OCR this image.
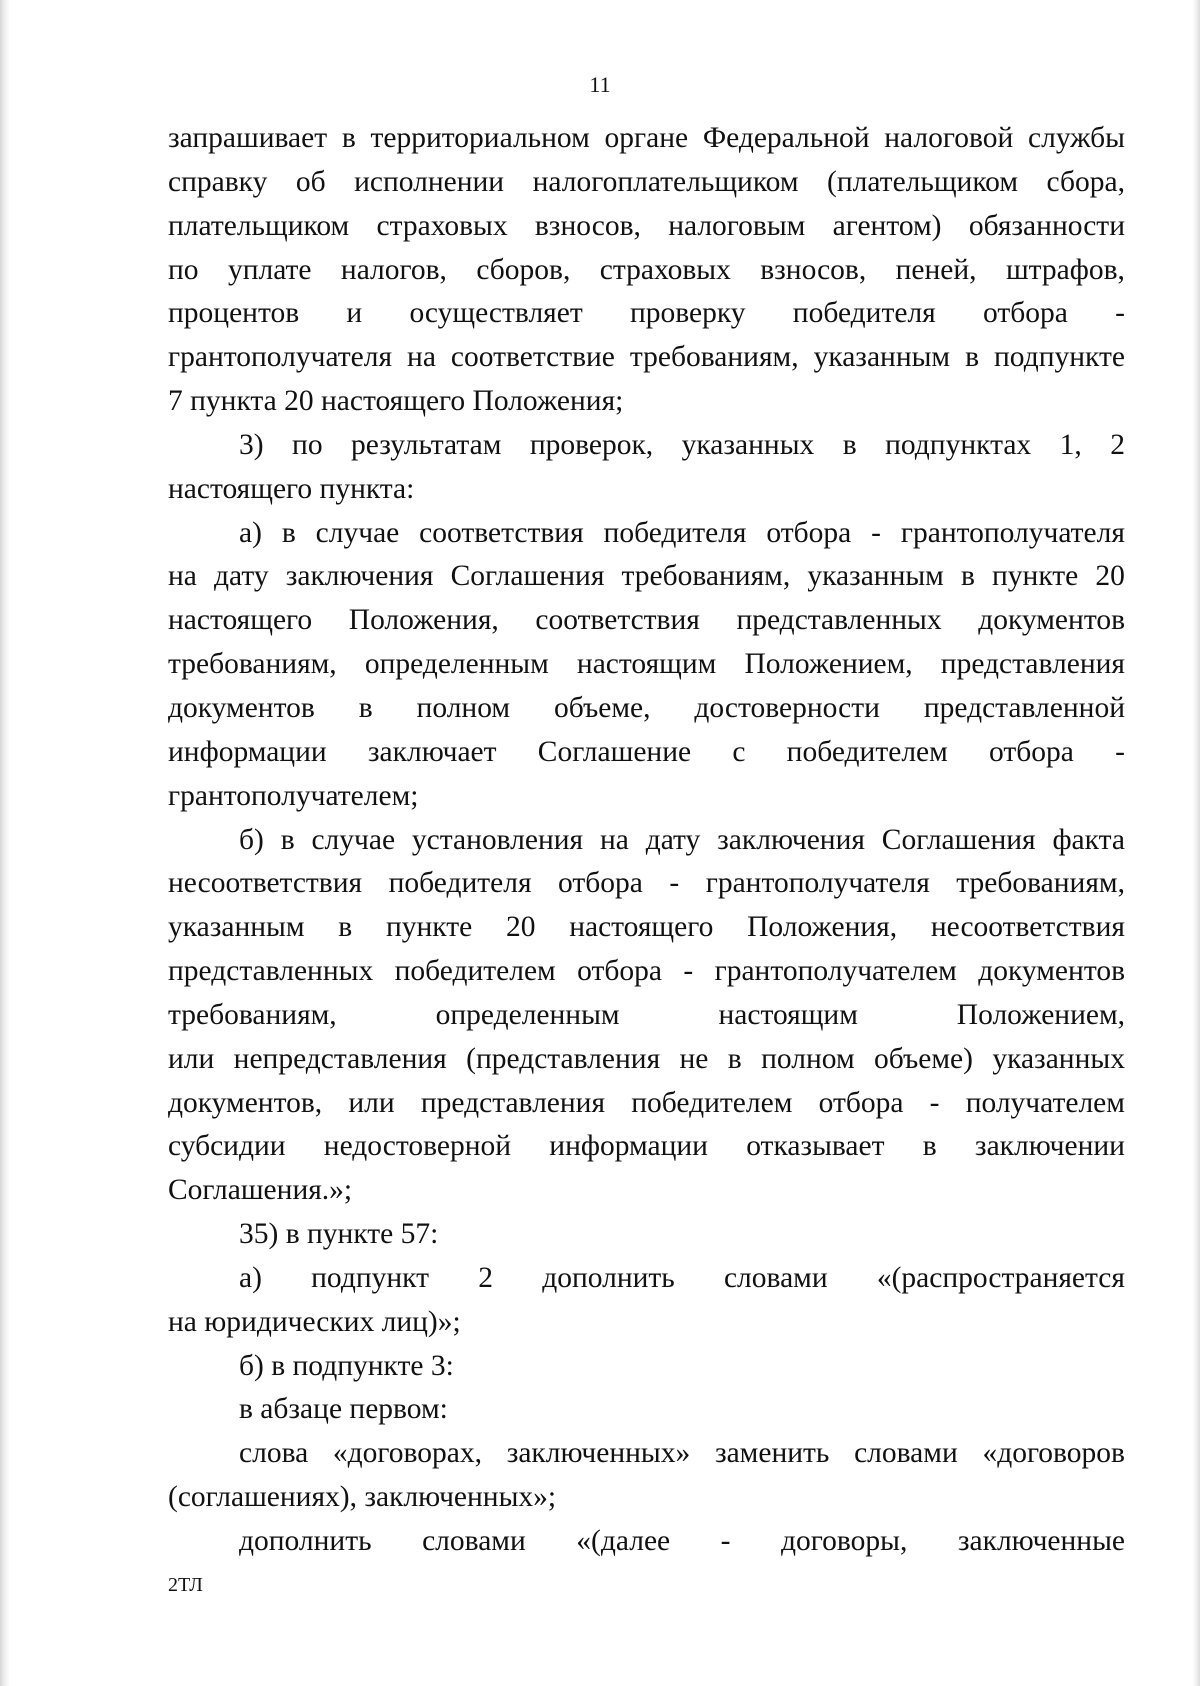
11
запрашивает в территориальном органе Федеральной налоговой службы
справку об исполнении налогоплательщиком (плательщиком сбора,
плательщиком страховых взносов, налоговым агентом) обязанности
по уплате налогов, сборов, страховых взносов, пеней, штрафов,
процентов и осуществляет проверку победителя отбора -
грантополучателя на соответствие требованиям, указанным в подпункте
7 пункта 20 настоящего Положения;
3) по результатам проверок, указанных в подпунктах 1, 2
настоящего пункта:
а) в случае соответствия победителя отбора - грантополучателя
на дату заключения Соглашения требованиям, указанным в пункте 20
настоящего Положения, соответствия представленных документов
требованиям, определенным настоящим Положением, представления
документов в полном объеме, достоверности представленной
информации заключает Соглашение с победителем отбора -
грантополучателем;
б) в случае установления на дату заключения Соглашения факта
несоответствия победителя отбора - грантополучателя требованиям,
указанным в пункте 20 настоящего Положения, несоответствия
представленных победителем отбора - грантополучателем документов
требованиям,	определенным	настоящим	Положением,
или непредставления (представления не в полном объеме) указанных
документов, или представления победителем отбора - получателем
субсидии недостоверной информации отказывает в заключении
Соглашения.»;
35) в пункте 57:
а) подпункт 2 дополнить словами «(распространяется
на юридических лиц)»;
б) в подпункте 3:
в абзаце первом:
слова «договорах, заключенных» заменить словами «договоров
(соглашениях), заключенных»;
дополнить словами «(далее - договоры, заключенные
2ТЛ
